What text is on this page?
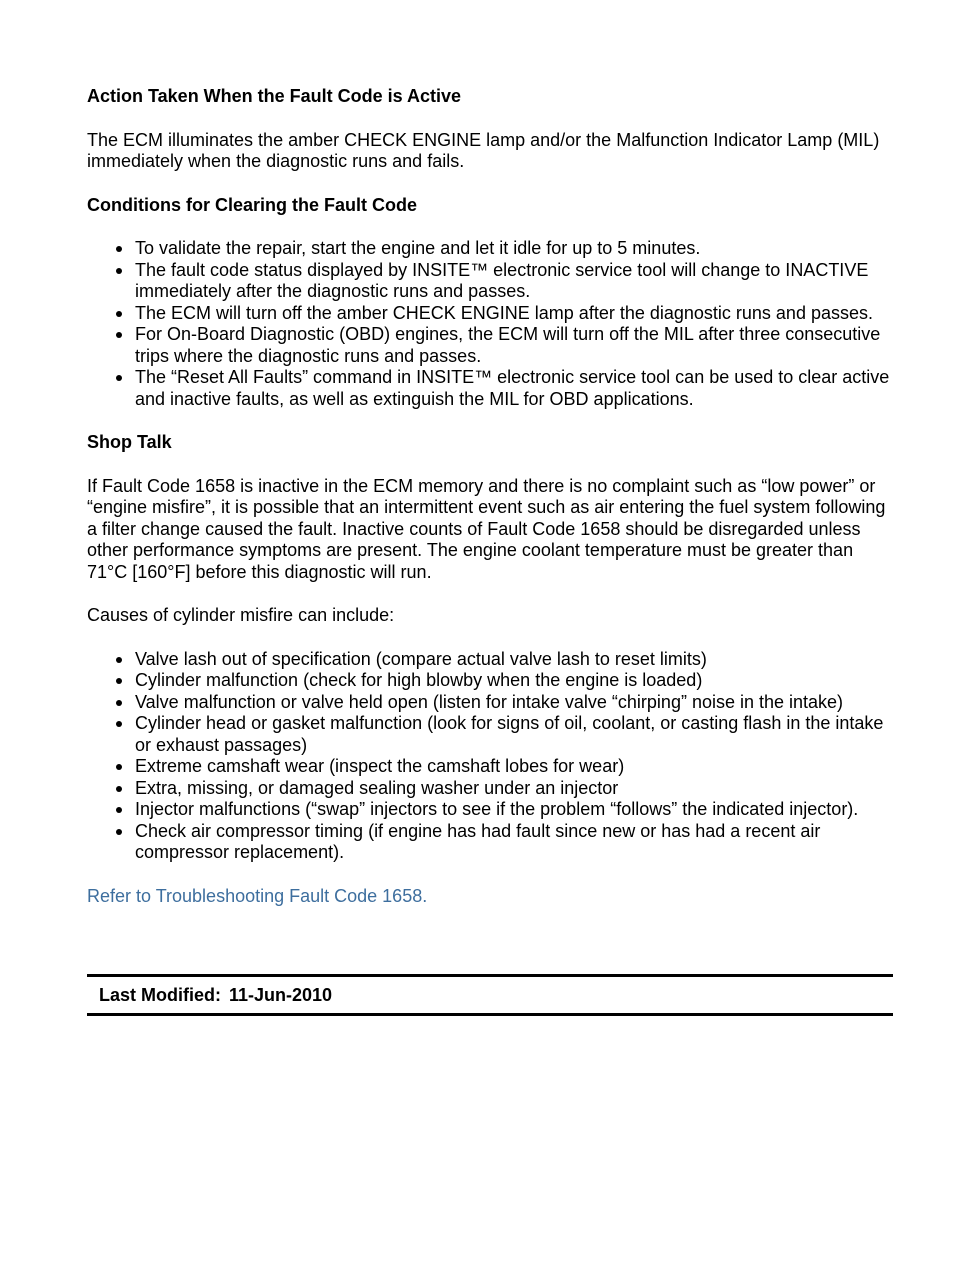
Action Taken When the Fault Code is Active

The ECM illuminates the amber CHECK ENGINE lamp and/or the Malfunction Indicator Lamp (MIL) immediately when the diagnostic runs and fails.

Conditions for Clearing the Fault Code

To validate the repair, start the engine and let it idle for up to 5 minutes.
The fault code status displayed by INSITE™ electronic service tool will change to INACTIVE immediately after the diagnostic runs and passes.
The ECM will turn off the amber CHECK ENGINE lamp after the diagnostic runs and passes.
For On-Board Diagnostic (OBD) engines, the ECM will turn off the MIL after three consecutive trips where the diagnostic runs and passes.
The “Reset All Faults” command in INSITE™ electronic service tool can be used to clear active and inactive faults, as well as extinguish the MIL for OBD applications.

Shop Talk

If Fault Code 1658 is inactive in the ECM memory and there is no complaint such as “low power” or “engine misfire”, it is possible that an intermittent event such as air entering the fuel system following a filter change caused the fault. Inactive counts of Fault Code 1658 should be disregarded unless other performance symptoms are present. The engine coolant temperature must be greater than 71°C [160°F] before this diagnostic will run.

Causes of cylinder misfire can include:

Valve lash out of specification (compare actual valve lash to reset limits)
Cylinder malfunction (check for high blowby when the engine is loaded)
Valve malfunction or valve held open (listen for intake valve “chirping” noise in the intake)
Cylinder head or gasket malfunction (look for signs of oil, coolant, or casting flash in the intake or exhaust passages)
Extreme camshaft wear (inspect the camshaft lobes for wear)
Extra, missing, or damaged sealing washer under an injector
Injector malfunctions (“swap” injectors to see if the problem “follows” the indicated injector).
Check air compressor timing (if engine has had fault since new or has had a recent air compressor replacement).

Refer to Troubleshooting Fault Code 1658.

Last Modified: 11-Jun-2010
